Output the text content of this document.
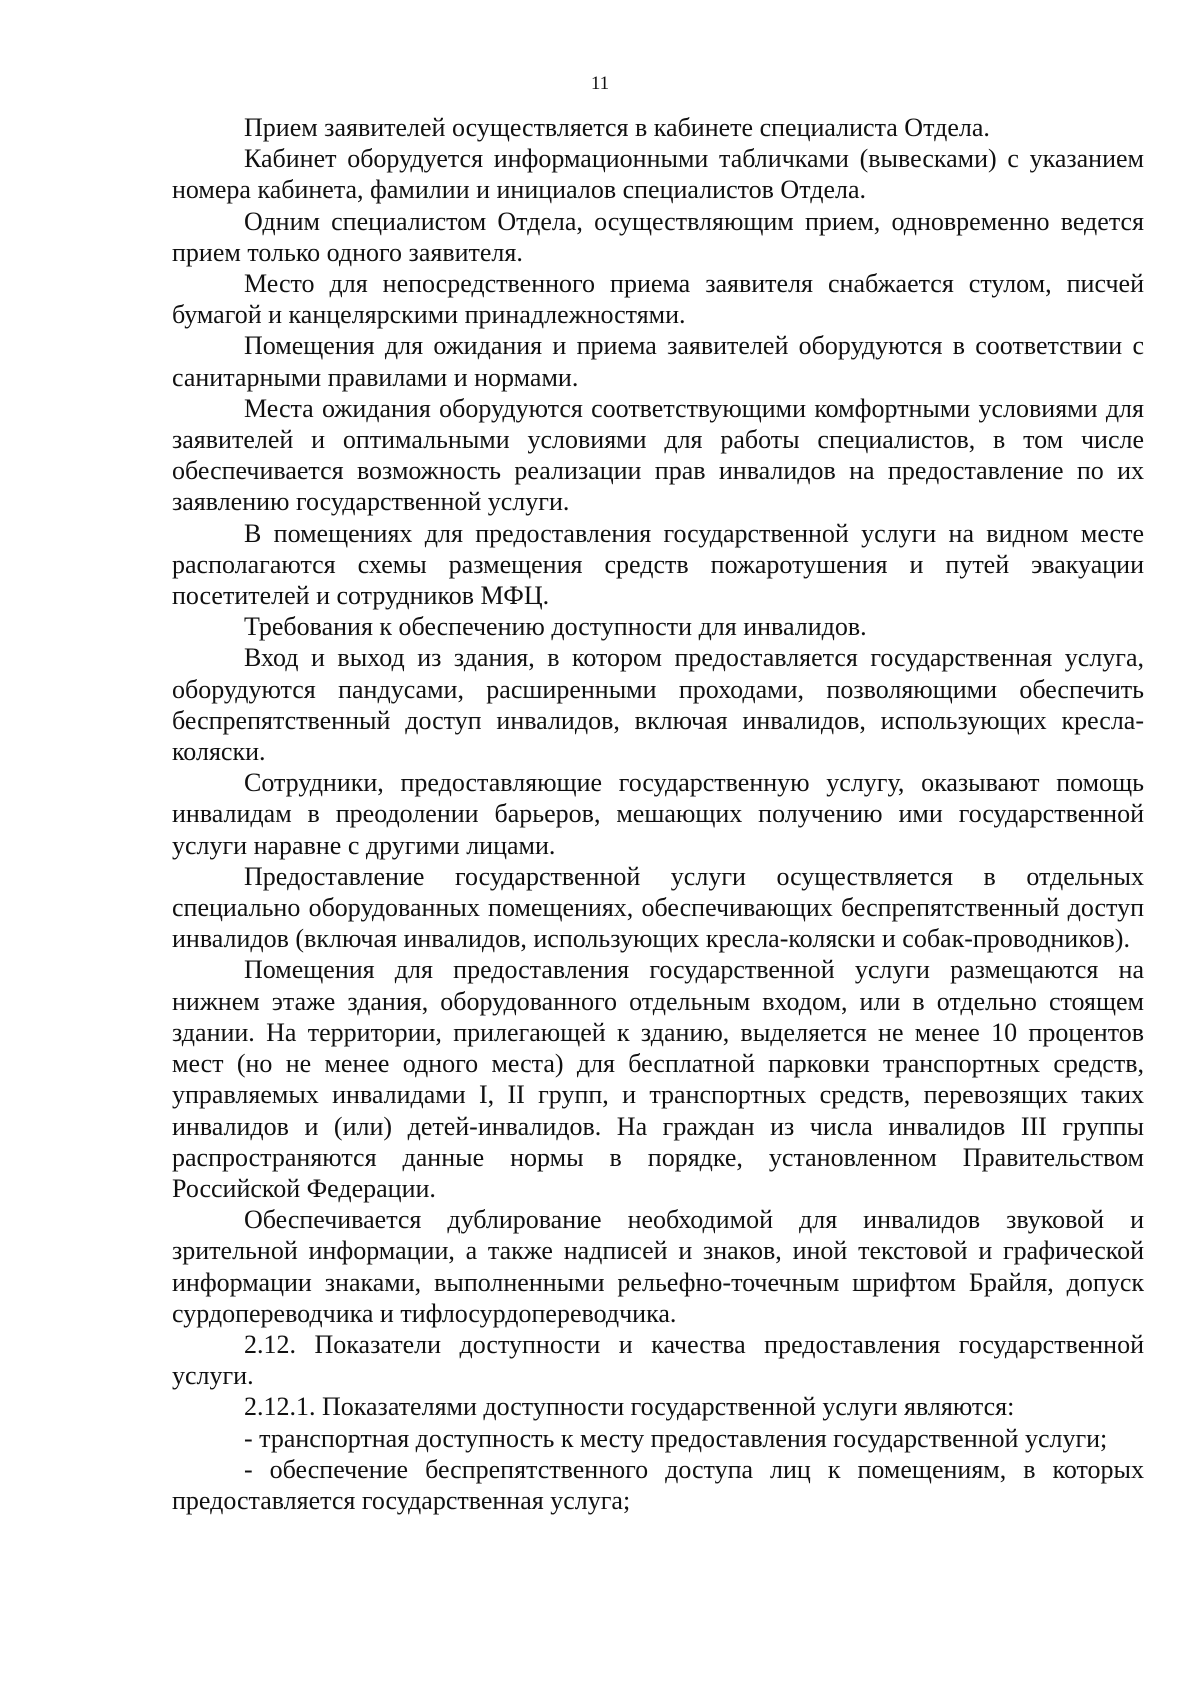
11

Прием заявителей осуществляется в кабинете специалиста Отдела.

Кабинет оборудуется информационными табличками (вывесками) с указанием номера кабинета, фамилии и инициалов специалистов Отдела.

Одним специалистом Отдела, осуществляющим прием, одновременно ведется прием только одного заявителя.

Место для непосредственного приема заявителя снабжается стулом, писчей бумагой и канцелярскими принадлежностями.

Помещения для ожидания и приема заявителей оборудуются в соответствии с санитарными правилами и нормами.

Места ожидания оборудуются соответствующими комфортными условиями для заявителей и оптимальными условиями для работы специалистов, в том числе обеспечивается возможность реализации прав инвалидов на предоставление по их заявлению государственной услуги.

В помещениях для предоставления государственной услуги на видном месте располагаются схемы размещения средств пожаротушения и путей эвакуации посетителей и сотрудников МФЦ.

Требования к обеспечению доступности для инвалидов.

Вход и выход из здания, в котором предоставляется государственная услуга, оборудуются пандусами, расширенными проходами, позволяющими обеспечить беспрепятственный доступ инвалидов, включая инвалидов, использующих кресла-коляски.

Сотрудники, предоставляющие государственную услугу, оказывают помощь инвалидам в преодолении барьеров, мешающих получению ими государственной услуги наравне с другими лицами.

Предоставление государственной услуги осуществляется в отдельных специально оборудованных помещениях, обеспечивающих беспрепятственный доступ инвалидов (включая инвалидов, использующих кресла-коляски и собак-проводников).

Помещения для предоставления государственной услуги размещаются на нижнем этаже здания, оборудованного отдельным входом, или в отдельно стоящем здании. На территории, прилегающей к зданию, выделяется не менее 10 процентов мест (но не менее одного места) для бесплатной парковки транспортных средств, управляемых инвалидами I, II групп, и транспортных средств, перевозящих таких инвалидов и (или) детей-инвалидов. На граждан из числа инвалидов III группы распространяются данные нормы в порядке, установленном Правительством Российской Федерации.

Обеспечивается дублирование необходимой для инвалидов звуковой и зрительной информации, а также надписей и знаков, иной текстовой и графической информации знаками, выполненными рельефно-точечным шрифтом Брайля, допуск сурдопереводчика и тифлосурдопереводчика.

2.12. Показатели доступности и качества предоставления государственной услуги.

2.12.1. Показателями доступности государственной услуги являются:

- транспортная доступность к месту предоставления государственной услуги;

- обеспечение беспрепятственного доступа лиц к помещениям, в которых предоставляется государственная услуга;
